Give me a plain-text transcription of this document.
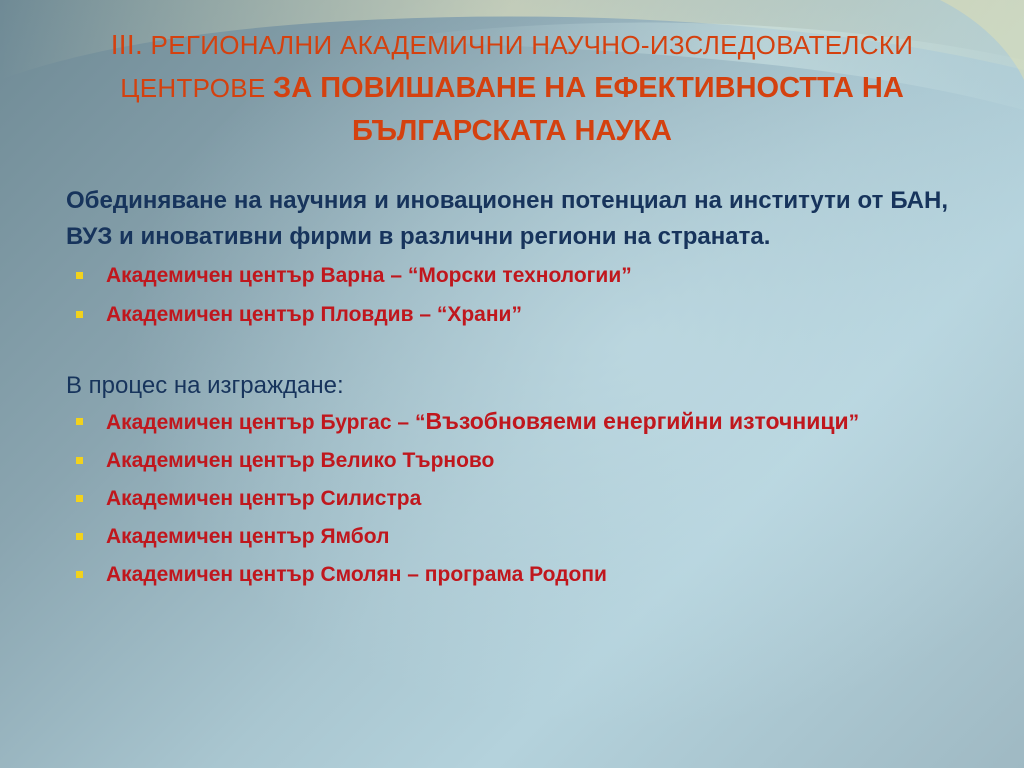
III. РЕГИОНАЛНИ АКАДЕМИЧНИ НАУЧНО-ИЗСЛЕДОВАТЕЛСКИ ЦЕНТРОВЕ ЗА ПОВИШАВАНЕ НА ЕФЕКТИВНОСТТА НА БЪЛГАРСКАТА НАУКА

Обединяване на научния и иновационен потенциал на институти от БАН, ВУЗ и иновативни фирми в различни региони на страната.

Академичен център Варна – “Морски технологии”
Академичен център Пловдив – “Храни”

В процес на изграждане:

Академичен център Бургас – “Възобновяеми енергийни източници”
Академичен център Велико Търново
Академичен център Силистра
Академичен център Ямбол
Академичен център Смолян – програма Родопи
